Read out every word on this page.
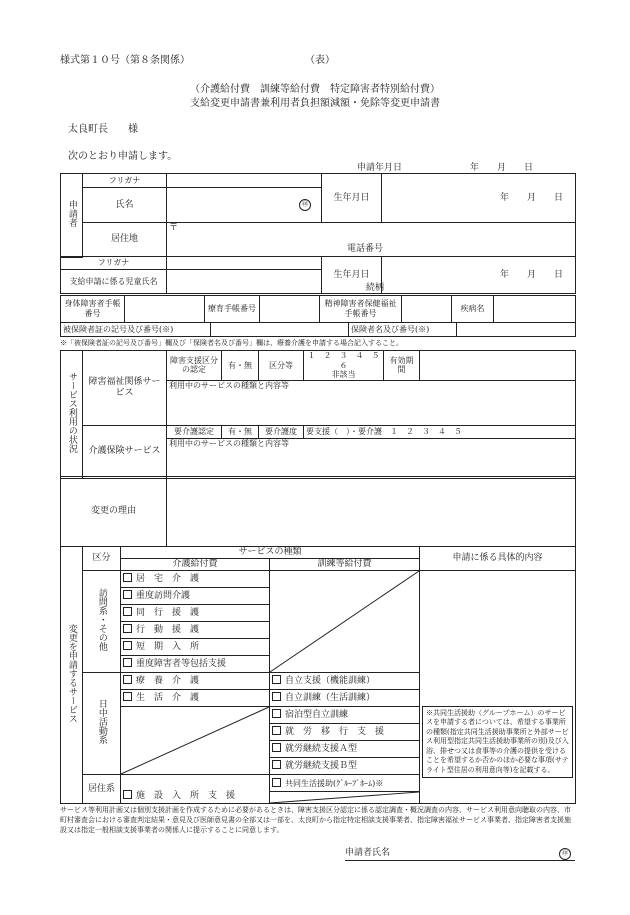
様式第１０号（第８条関係）	（表）
（介護給付費　訓練等給付費　特定障害者特別給付費）
支給変更申請書兼利用者負担額減額・免除等変更申請書
太良町長　　様
次のとおり申請します。
申請年月日	年　　月　　日
申請者	フリガナ		生年月日	年　　月　　日
	氏名	㊞		
	居住地	〒
電話番号		

フリガナ		生年月日	年　　月　　日
支給申請に係る児童氏名			
続柄
身体障害者手帳番号		療育手帳番号		精神障害者保健福祉手帳番号		疾病名	
被保険者証の記号及び番号(※)		保険者名及び番号(※)	
※「被保険者証の記号及び番号」欄及び「保険者名及び番号」欄は、療養介護を申請する場合記入すること。
サービス利用の状況	障害福祉関係サービス	障害支援区分の認定	有・無	区分等	１　２　３　４　５　６
非該当	有効期間	
		利用中のサービスの種類と内容等					
	介護保険サービス	要介護認定	有・無	要介護度	要支援（　）・要介護　１　２　３　４　５		
		利用中のサービスの種類と内容等					
変更の理由	
変更を申請するサービス	区分	サービスの種類		申請に係る具体的内容
		介護給付費	訓練等給付費	
	訪問系・その他	居　宅　介　護		※共同生活援助（グループホーム）のサービスを申請する者については、希望する事業所の種類(指定共同生活援助事業所と外部サービス利用型指定共同生活援助事業所の別)及び入浴、排せつ又は食事等の介護の提供を受けることを希望するか否かのほか必要な事項(サテライト型住居の利用意向等)を記載する。

		重度訪問介護		
		同　行　援　護		
		行　動　援　護		
		短　期　入　所		
		重度障害者等包括支援		
	日中活動系	療　養　介　護	自立支援（機能訓練）	
		生　活　介　護	自立訓練（生活訓練）	

	宿泊型自立訓練	
			就　労　移　行　支　援	
			就労継続支援Ａ型	
			就労継続支援Ｂ型	
	居住系	施　設　入　所　支　援	共同生活援助(ｸﾞﾙｰﾌﾟﾎｰﾑ)※	

サービス等利用計画又は個別支援計画を作成するために必要があるときは、障害支援区分認定に係る認定調査・概況調査の内容、サービス利用意向聴取の内容、市町村審査会における審査判定結果・意見及び医師意見書の全部又は一部を、太良町から指定特定相談支援事業者、指定障害福祉サービス事業者、指定障害者支援施設又は指定一般相談支援事業者の関係人に提示することに同意します。
申請者氏名	㊞
